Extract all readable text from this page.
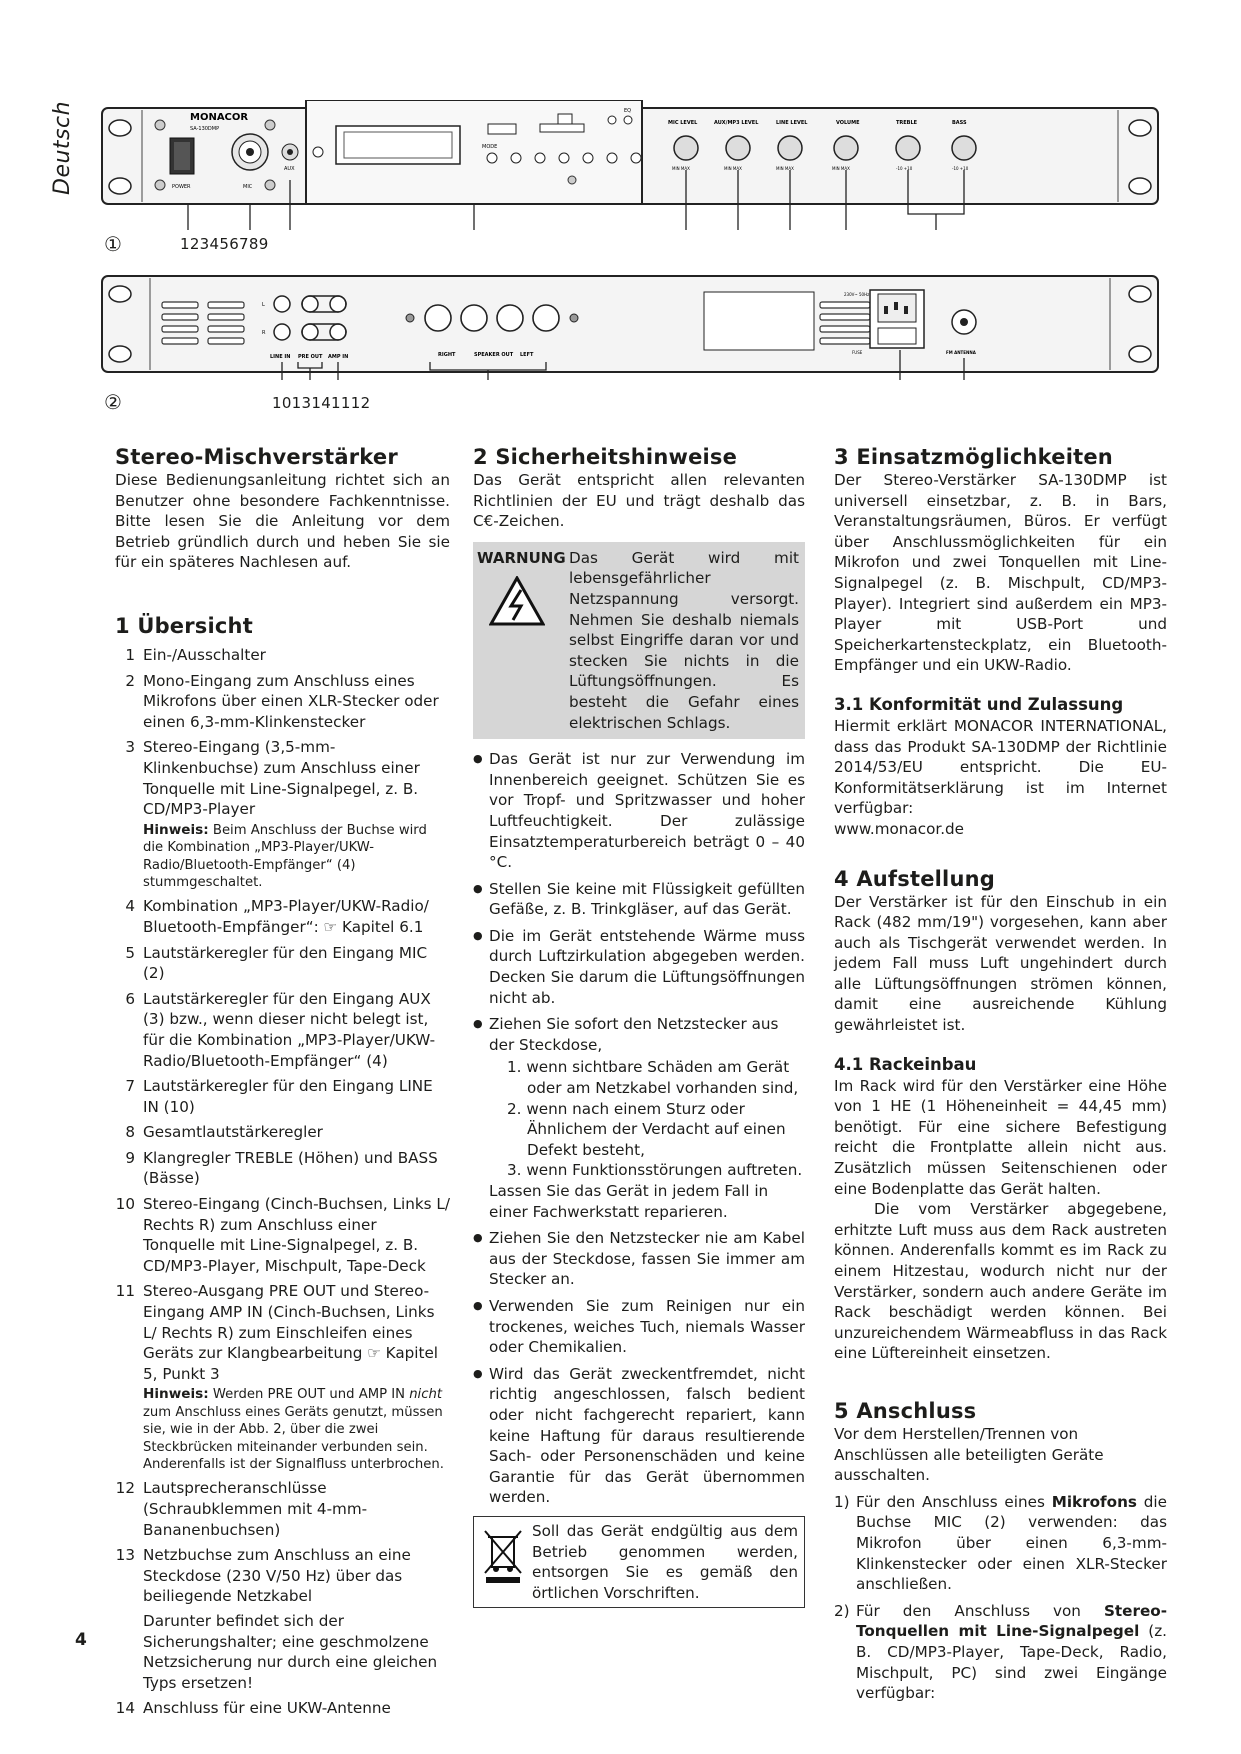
Deutsch	MONACOR
SA-130DMP
POWER	MIC
AUX
EQ
MODE
MIC LEVEL	AUX/MP3 LEVEL	LINE LEVEL	VOLUME	TREBLE	BASS
MIN MAX	MIN MAX	MIN MAX	MIN MAX	-10 +10	-10 +10
①	123456789
L
R
LINE IN PRE OUT AMP IN	RIGHT	SPEAKER OUT LEFT
230V~ 50Hz
FUSE	FM ANTENNA
②	1013141112
Stereo-Mischverstärker

Diese Bedienungsanleitung richtet sich an Benutzer ohne besondere Fachkenntnisse. Bitte lesen Sie die Anleitung vor dem Betrieb gründlich durch und heben Sie sie für ein späteres Nachlesen auf.

1 Übersicht
1 Ein-/Ausschalter
2 Mono-Eingang zum Anschluss eines Mikrofons über einen XLR-Stecker oder einen 6,3-mm-Klinkenstecker
3 Stereo-Eingang (3,5-mm-Klinkenbuchse) zum Anschluss einer Tonquelle mit Line-Signalpegel, z. B. CD/MP3-Player
Hinweis: Beim Anschluss der Buchse wird die Kombination „MP3-Player/UKW-Radio/Bluetooth-Empfänger“ (4) stummgeschaltet.
4 Kombination „MP3-Player/UKW-Radio/ Bluetooth-Empfänger“: ☞ Kapitel 6.1
5 Lautstärkeregler für den Eingang MIC (2)
6 Lautstärkeregler für den Eingang AUX (3) bzw., wenn dieser nicht belegt ist, für die Kombination „MP3-Player/UKW-Radio/Bluetooth-Empfänger“ (4)
7 Lautstärkeregler für den Eingang LINE IN (10)
8 Gesamtlautstärkeregler
9 Klangregler TREBLE (Höhen) und BASS (Bässe)
10 Stereo-Eingang (Cinch-Buchsen, Links L/ Rechts R) zum Anschluss einer Tonquelle mit Line-Signalpegel, z. B. CD/MP3-Player, Mischpult, Tape-Deck
11 Stereo-Ausgang PRE OUT und Stereo-Eingang AMP IN (Cinch-Buchsen, Links L/ Rechts R) zum Einschleifen eines Geräts zur Klangbearbeitung ☞ Kapitel 5, Punkt 3
Hinweis: Werden PRE OUT und AMP IN nicht zum Anschluss eines Geräts genutzt, müssen sie, wie in der Abb. 2, über die zwei Steckbrücken miteinander verbunden sein. Anderenfalls ist der Signalfluss unterbrochen.
12 Lautsprecheranschlüsse (Schraubklemmen mit 4-mm-Bananenbuchsen)
13 Netzbuchse zum Anschluss an eine Steckdose (230 V/50 Hz) über das beiliegende Netzkabel
Darunter befindet sich der Sicherungshalter; eine geschmolzene Netzsicherung nur durch eine gleichen Typs ersetzen!
14 Anschluss für eine UKW-Antenne
2 Sicherheitshinweise

Das Gerät entspricht allen relevanten Richtlinien der EU und trägt deshalb das C€-Zeichen.

WARNUNG Das Gerät wird mit lebensgefährlicher Netzspannung versorgt. Nehmen Sie deshalb niemals selbst Eingriffe daran vor und stecken Sie nichts in die Lüftungsöffnungen. Es besteht die Gefahr eines elektrischen Schlags.
● Das Gerät ist nur zur Verwendung im Innenbereich geeignet. Schützen Sie es vor Tropf- und Spritzwasser und hoher Luftfeuchtigkeit. Der zulässige Einsatztemperaturbereich beträgt 0 – 40 °C.
● Stellen Sie keine mit Flüssigkeit gefüllten Gefäße, z. B. Trinkgläser, auf das Gerät.
● Die im Gerät entstehende Wärme muss durch Luftzirkulation abgegeben werden. Decken Sie darum die Lüftungsöffnungen nicht ab.
● Ziehen Sie sofort den Netzstecker aus der Steckdose,
1. wenn sichtbare Schäden am Gerät oder am Netzkabel vorhanden sind,
2. wenn nach einem Sturz oder Ähnlichem der Verdacht auf einen Defekt besteht,
3. wenn Funktionsstörungen auftreten.
Lassen Sie das Gerät in jedem Fall in einer Fachwerkstatt reparieren.
● Ziehen Sie den Netzstecker nie am Kabel aus der Steckdose, fassen Sie immer am Stecker an.
● Verwenden Sie zum Reinigen nur ein trockenes, weiches Tuch, niemals Wasser oder Chemikalien.
● Wird das Gerät zweckentfremdet, nicht richtig angeschlossen, falsch bedient oder nicht fachgerecht repariert, kann keine Haftung für daraus resultierende Sach- oder Personenschäden und keine Garantie für das Gerät übernommen werden.
Soll das Gerät endgültig aus dem Betrieb genommen werden, entsorgen Sie es gemäß den örtlichen Vorschriften.
3 Einsatzmöglichkeiten

Der Stereo-Verstärker SA-130DMP ist universell einsetzbar, z. B. in Bars, Veranstaltungsräumen, Büros. Er verfügt über Anschlussmöglichkeiten für ein Mikrofon und zwei Tonquellen mit Line-Signalpegel (z. B. Mischpult, CD/MP3-Player). Integriert sind außerdem ein MP3-Player mit USB-Port und Speicherkartensteckplatz, ein Bluetooth-Empfänger und ein UKW-Radio.

3.1 Konformität und Zulassung

Hiermit erklärt MONACOR INTERNATIONAL, dass das Produkt SA-130DMP der Richtlinie 2014/53/EU entspricht. Die EU-Konformitätserklärung ist im Internet verfügbar:

www.monacor.de

4 Aufstellung

Der Verstärker ist für den Einschub in ein Rack (482 mm/19") vorgesehen, kann aber auch als Tischgerät verwendet werden. In jedem Fall muss Luft ungehindert durch alle Lüftungsöffnungen strömen können, damit eine ausreichende Kühlung gewährleistet ist.

4.1 Rackeinbau

Im Rack wird für den Verstärker eine Höhe von 1 HE (1 Höheneinheit = 44,45 mm) benötigt. Für eine sichere Befestigung reicht die Frontplatte allein nicht aus. Zusätzlich müssen Seitenschienen oder eine Bodenplatte das Gerät halten.

Die vom Verstärker abgegebene, erhitzte Luft muss aus dem Rack austreten können. Anderenfalls kommt es im Rack zu einem Hitzestau, wodurch nicht nur der Verstärker, sondern auch andere Geräte im Rack beschädigt werden können. Bei unzureichendem Wärmeabfluss in das Rack eine Lüftereinheit einsetzen.

5 Anschluss

Vor dem Herstellen/Trennen von Anschlüssen alle beteiligten Geräte ausschalten.

1) Für den Anschluss eines Mikrofons die Buchse MIC (2) verwenden: das Mikrofon über einen 6,3-mm-Klinkenstecker oder einen XLR-Stecker anschließen.
2) Für den Anschluss von Stereo-Tonquellen mit Line-Signalpegel (z. B. CD/MP3-Player, Tape-Deck, Radio, Mischpult, PC) sind zwei Eingänge verfügbar:
4
